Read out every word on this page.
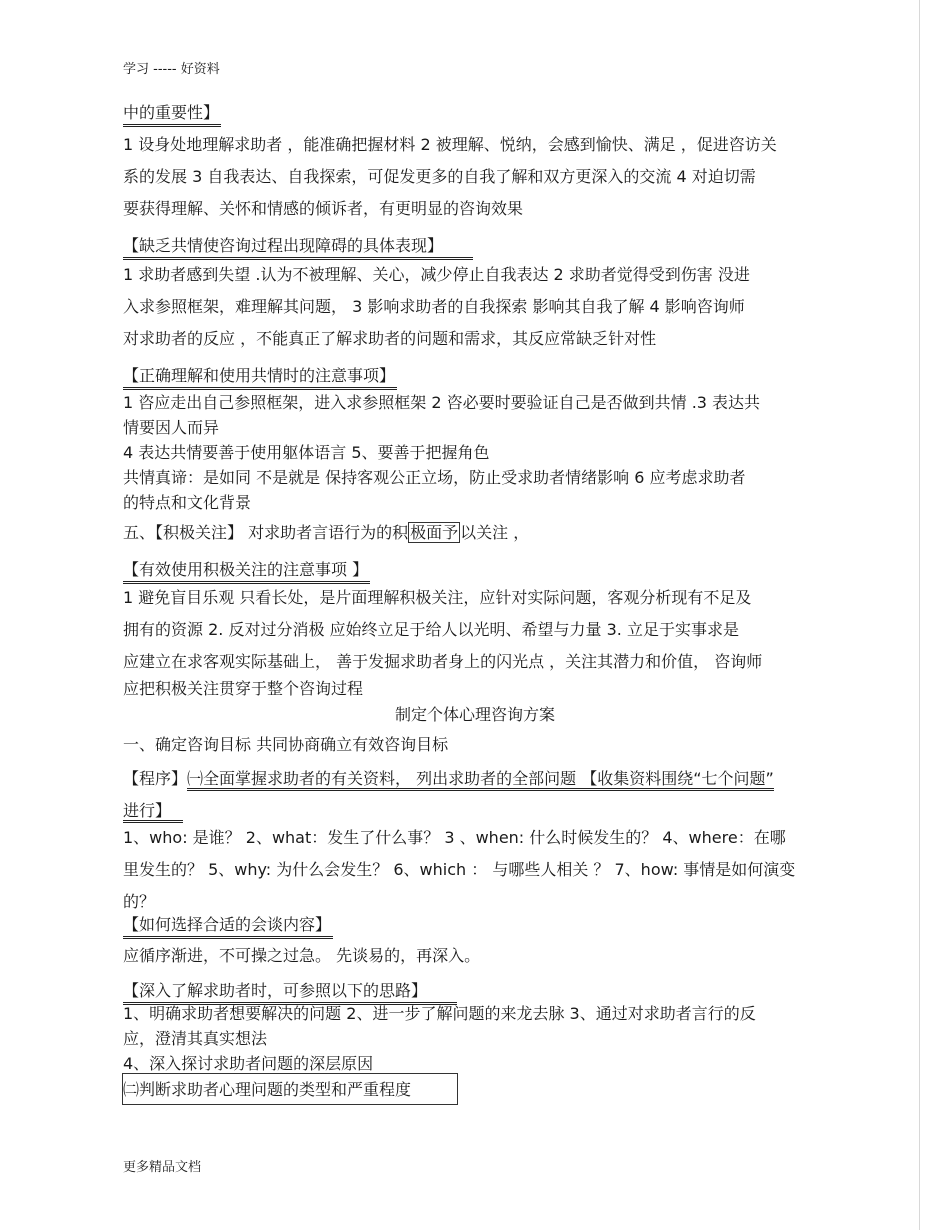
学习 ----- 好资料
中的重要性】
1 设身处地理解求助者 ，能准确把握材料 2 被理解、悦纳，会感到愉快、满足 ，促进咨访关
系的发展 3 自我表达、自我探索，可促发更多的自我了解和双方更深入的交流 4 对迫切需
要获得理解、关怀和情感的倾诉者，有更明显的咨询效果
【缺乏共情使咨询过程出现障碍的具体表现】
1 求助者感到失望 .认为不被理解、关心，减少停止自我表达 2 求助者觉得受到伤害 没进
入求参照框架，难理解其问题， 3 影响求助者的自我探索 影响其自我了解 4 影响咨询师
对求助者的反应 ，不能真正了解求助者的问题和需求，其反应常缺乏针对性
【正确理解和使用共情时的注意事项】
1 咨应走出自己参照框架，进入求参照框架 2 咨必要时要验证自己是否做到共情 .3 表达共
情要因人而异
4 表达共情要善于使用躯体语言 5、要善于把握角色
共情真谛：是如同 不是就是 保持客观公正立场，防止受求助者情绪影响 6 应考虑求助者
的特点和文化背景
五、【积极关注】 对求助者言语行为的积 极面予 以关注 ，
【有效使用积极关注的注意事项 】
1 避免盲目乐观 只看长处，是片面理解积极关注，应针对实际问题，客观分析现有不足及
拥有的资源 2. 反对过分消极 应始终立足于给人以光明、希望与力量 3. 立足于实事求是
应建立在求客观实际基础上， 善于发掘求助者身上的闪光点 ，关注其潜力和价值， 咨询师
应把积极关注贯穿于整个咨询过程
制定个体心理咨询方案
一、确定咨询目标 共同协商确立有效咨询目标
【程序】㈠全面掌握求助者的有关资料， 列出求助者的全部问题 【收集资料围绕“七个问题”
进行】
1、who: 是谁？ 2、what：发生了什么事？ 3 、when: 什么时候发生的？ 4、where：在哪
里发生的？ 5、why: 为什么会发生？ 6、which ： 与哪些人相关 ？ 7、how: 事情是如何演变
的？
【如何选择合适的会谈内容】
应循序渐进，不可操之过急。 先谈易的，再深入。
【深入了解求助者时，可参照以下的思路】
1、明确求助者想要解决的问题 2、进一步了解问题的来龙去脉 3、通过对求助者言行的反
应，澄清其真实想法
4、深入探讨求助者问题的深层原因
㈡判断求助者心理问题的类型和严重程度
更多精品文档
